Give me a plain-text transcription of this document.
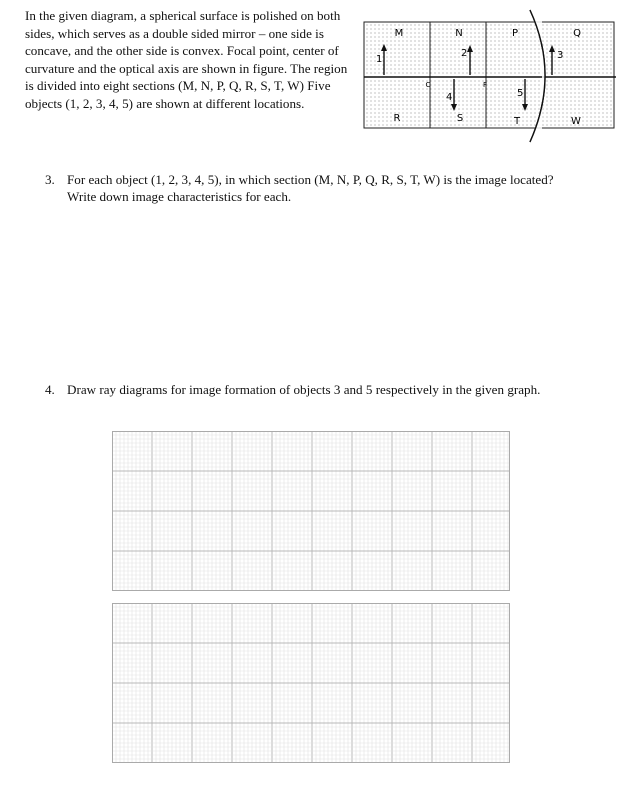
In the given diagram, a spherical surface is polished on both sides, which serves as a double sided mirror – one side is concave, and the other side is convex. Focal point, center of curvature and the optical axis are shown in figure. The region is divided into eight sections (M, N, P, Q, R, S, T, W) Five objects (1, 2, 3, 4, 5) are shown at different locations.

M	N	P	Q
R	S	T	W
C	F
1
2	3
4	5
3. For each object (1, 2, 3, 4, 5), in which section (M, N, P, Q, R, S, T, W) is the image located? Write down image characteristics for each.
4. Draw ray diagrams for image formation of objects 3 and 5 respectively in the given graph.
